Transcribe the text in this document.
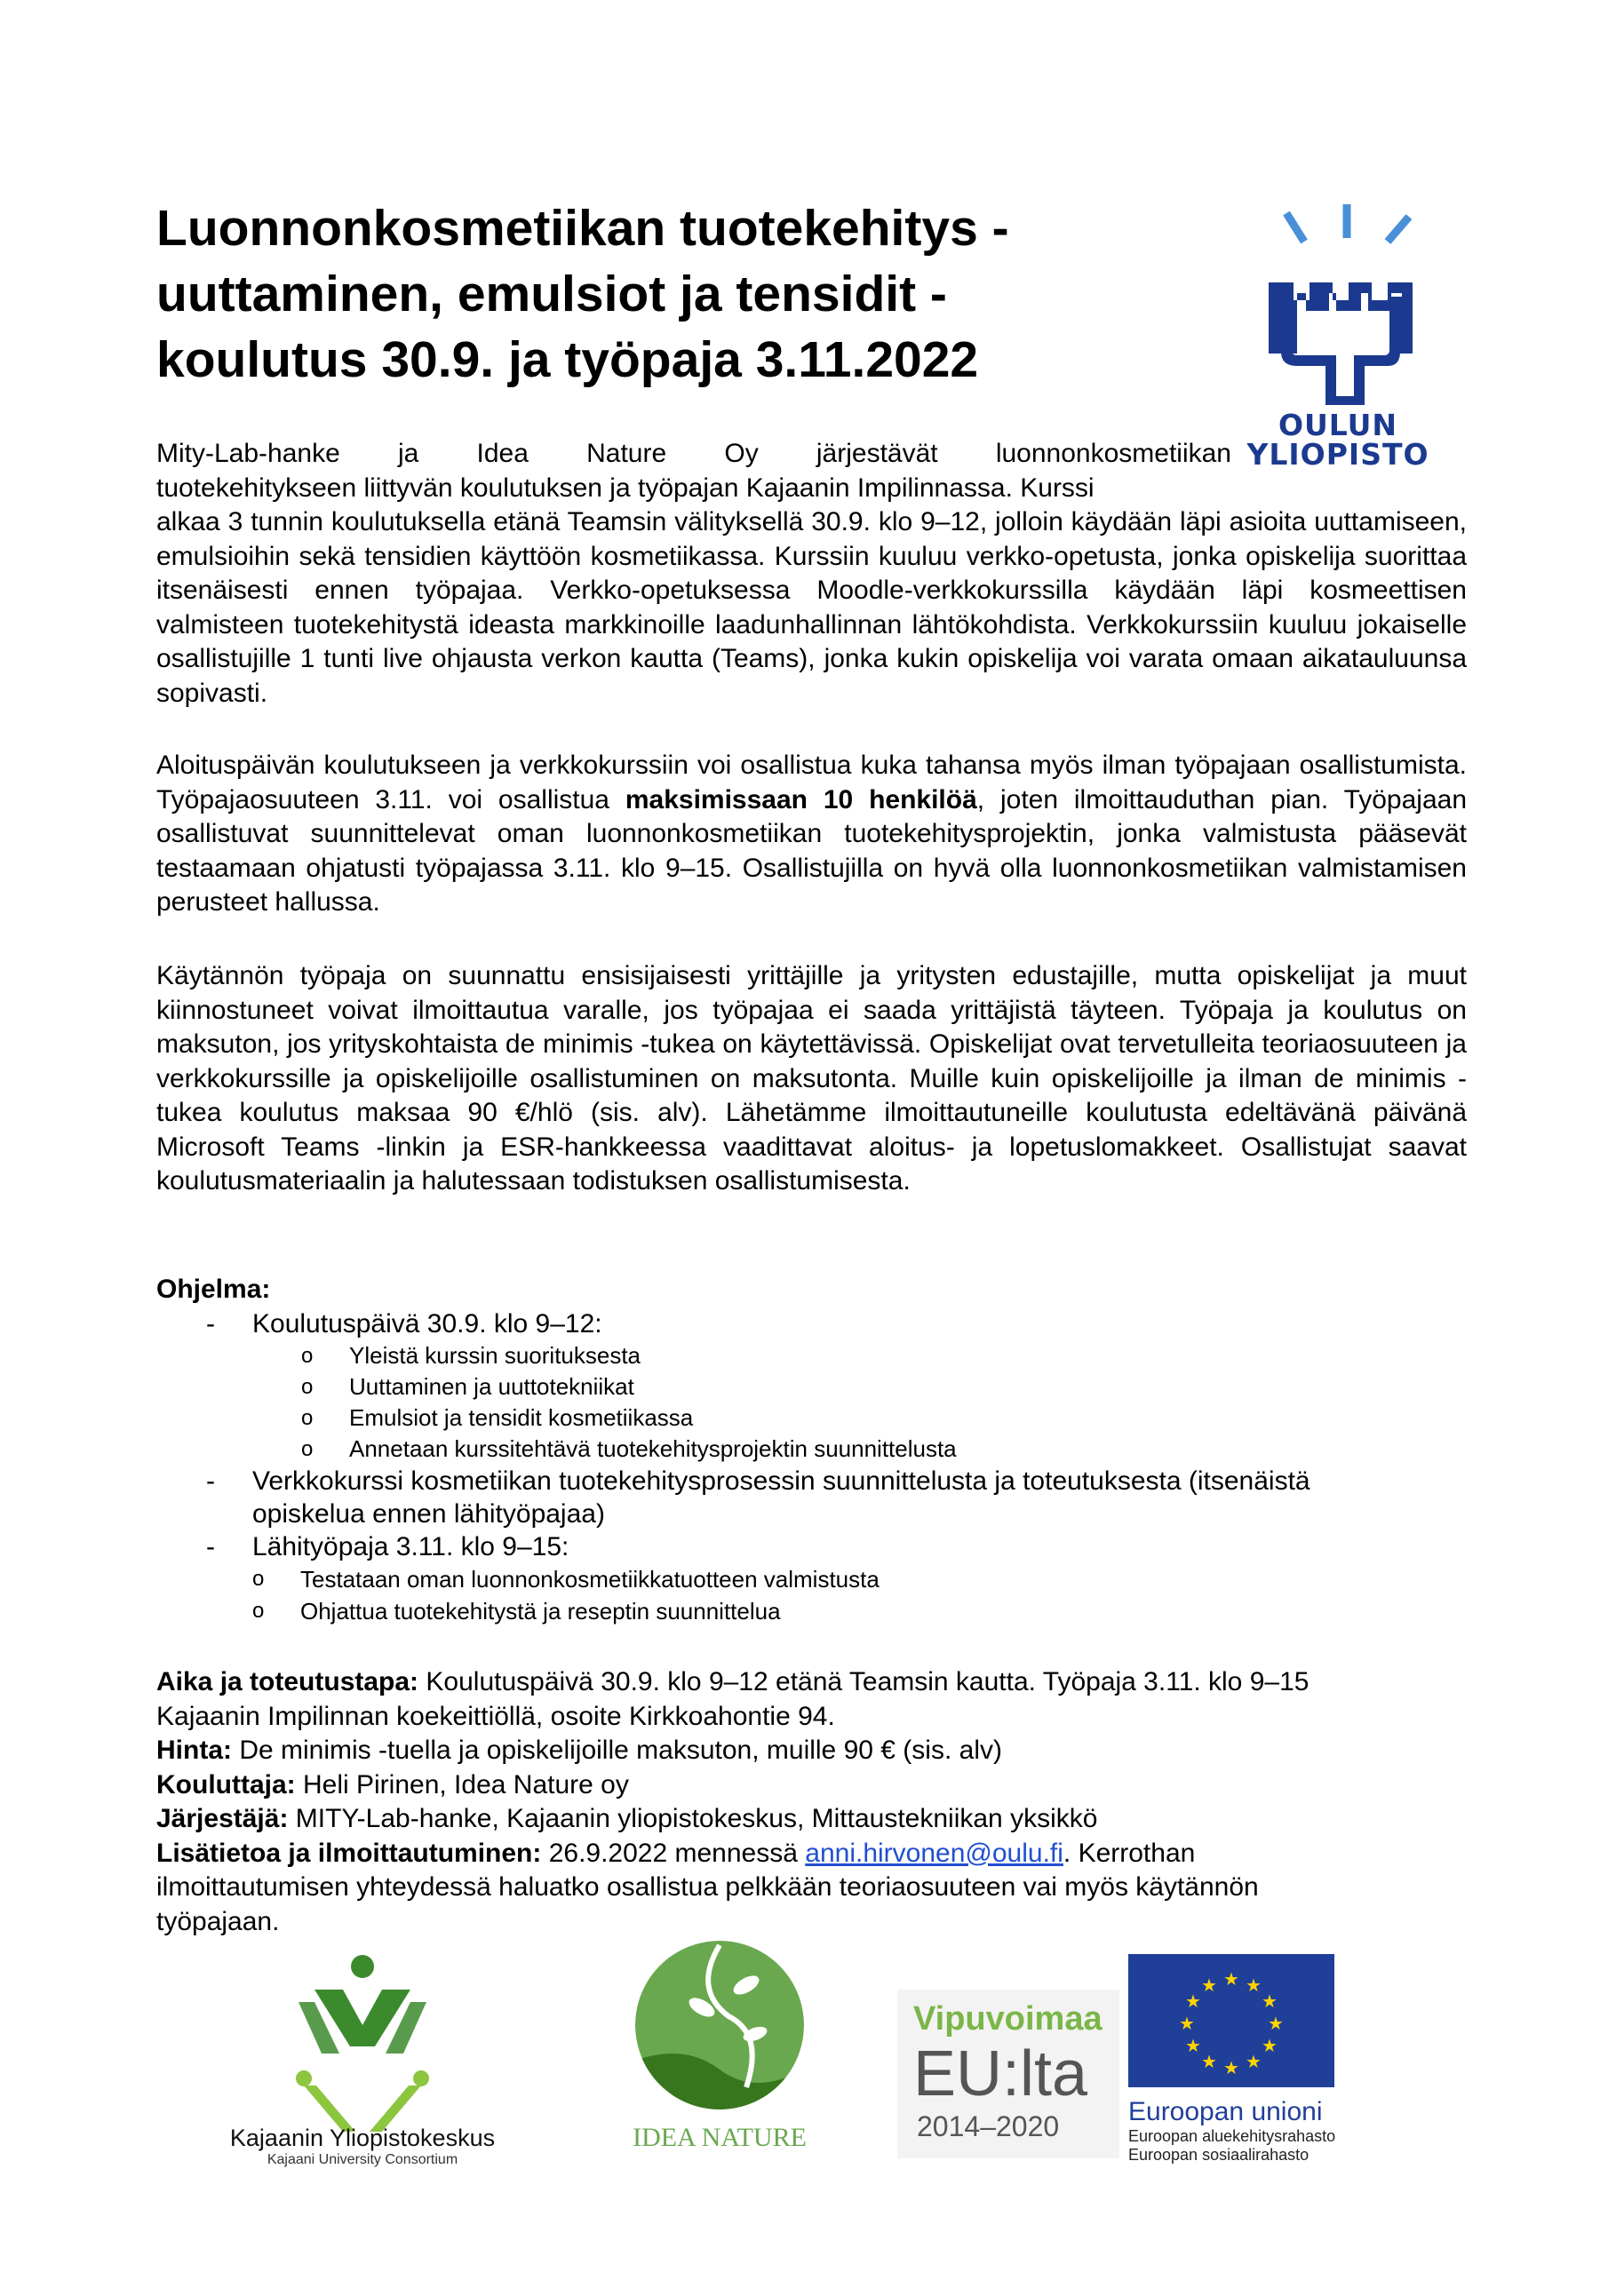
Luonnonkosmetiikan tuotekehitys -
uuttaminen, emulsiot ja tensidit -
koulutus 30.9. ja työpaja 3.11.2022
OULUN
YLIOPISTO
Mity-Lab-hanke ja Idea Nature Oy järjestävät luonnonkosmetiikan
tuotekehitykseen liittyvän koulutuksen ja työpajan Kajaanin Impilinnassa. Kurssi

alkaa 3 tunnin koulutuksella etänä Teamsin välityksellä 30.9. klo 9–12, jolloin käydään läpi asioita uuttamiseen, emulsioihin sekä tensidien käyttöön kosmetiikassa. Kurssiin kuuluu verkko-opetusta, jonka opiskelija suorittaa itsenäisesti ennen työpajaa. Verkko-opetuksessa Moodle-verkkokurssilla käydään läpi kosmeettisen valmisteen tuotekehitystä ideasta markkinoille laadunhallinnan lähtökohdista. Verkkokurssiin kuuluu jokaiselle osallistujille 1 tunti live ohjausta verkon kautta (Teams), jonka kukin opiskelija voi varata omaan aikatauluunsa sopivasti.

Aloituspäivän koulutukseen ja verkkokurssiin voi osallistua kuka tahansa myös ilman työpajaan osallistumista. Työpajaosuuteen 3.11. voi osallistua maksimissaan 10 henkilöä, joten ilmoittauduthan pian. Työpajaan osallistuvat suunnittelevat oman luonnonkosmetiikan tuotekehitysprojektin, jonka valmistusta pääsevät testaamaan ohjatusti työpajassa 3.11. klo 9–15. Osallistujilla on hyvä olla luonnonkosmetiikan valmistamisen perusteet hallussa.

Käytännön työpaja on suunnattu ensisijaisesti yrittäjille ja yritysten edustajille, mutta opiskelijat ja muut kiinnostuneet voivat ilmoittautua varalle, jos työpajaa ei saada yrittäjistä täyteen. Työpaja ja koulutus on maksuton, jos yrityskohtaista de minimis -tukea on käytettävissä. Opiskelijat ovat tervetulleita teoriaosuuteen ja verkkokurssille ja opiskelijoille osallistuminen on maksutonta. Muille kuin opiskelijoille ja ilman de minimis -tukea koulutus maksaa 90 €/hlö (sis. alv). Lähetämme ilmoittautuneille koulutusta edeltävänä päivänä Microsoft Teams -linkin ja ESR-hankkeessa vaadittavat aloitus- ja lopetuslomakkeet. Osallistujat saavat koulutusmateriaalin ja halutessaan todistuksen osallistumisesta.

Ohjelma:
- Koulutuspäivä 30.9. klo 9–12:
o Yleistä kurssin suorituksesta
o Uuttaminen ja uuttotekniikat
o Emulsiot ja tensidit kosmetiikassa
o Annetaan kurssitehtävä tuotekehitysprojektin suunnittelusta
- Verkkokurssi kosmetiikan tuotekehitysprosessin suunnittelusta ja toteutuksesta (itsenäistä
opiskelua ennen lähityöpajaa)
- Lähityöpaja 3.11. klo 9–15:
o Testataan oman luonnonkosmetiikkatuotteen valmistusta
o Ohjattua tuotekehitystä ja reseptin suunnittelua

Aika ja toteutustapa: Koulutuspäivä 30.9. klo 9–12 etänä Teamsin kautta. Työpaja 3.11. klo 9–15

Kajaanin Impilinnan koekeittiöllä, osoite Kirkkoahontie 94.

Hinta: De minimis -tuella ja opiskelijoille maksuton, muille 90 € (sis. alv)

Kouluttaja: Heli Pirinen, Idea Nature oy

Järjestäjä: MITY-Lab-hanke, Kajaanin yliopistokeskus, Mittaustekniikan yksikkö

Lisätietoa ja ilmoittautuminen: 26.9.2022 mennessä anni.hirvonen@oulu.fi. Kerrothan

ilmoittautumisen yhteydessä haluatko osallistua pelkkään teoriaosuuteen vai myös käytännön

työpajaan.

Kajaanin Yliopistokeskus
Kajaani University Consortium
IDEA NATURE
Vipuvoimaa
EU:lta
2014–2020
★ ★
★
★
★
★
★
★
★
★
★
★
Euroopan unioni
Euroopan aluekehitysrahasto
Euroopan sosiaalirahasto
